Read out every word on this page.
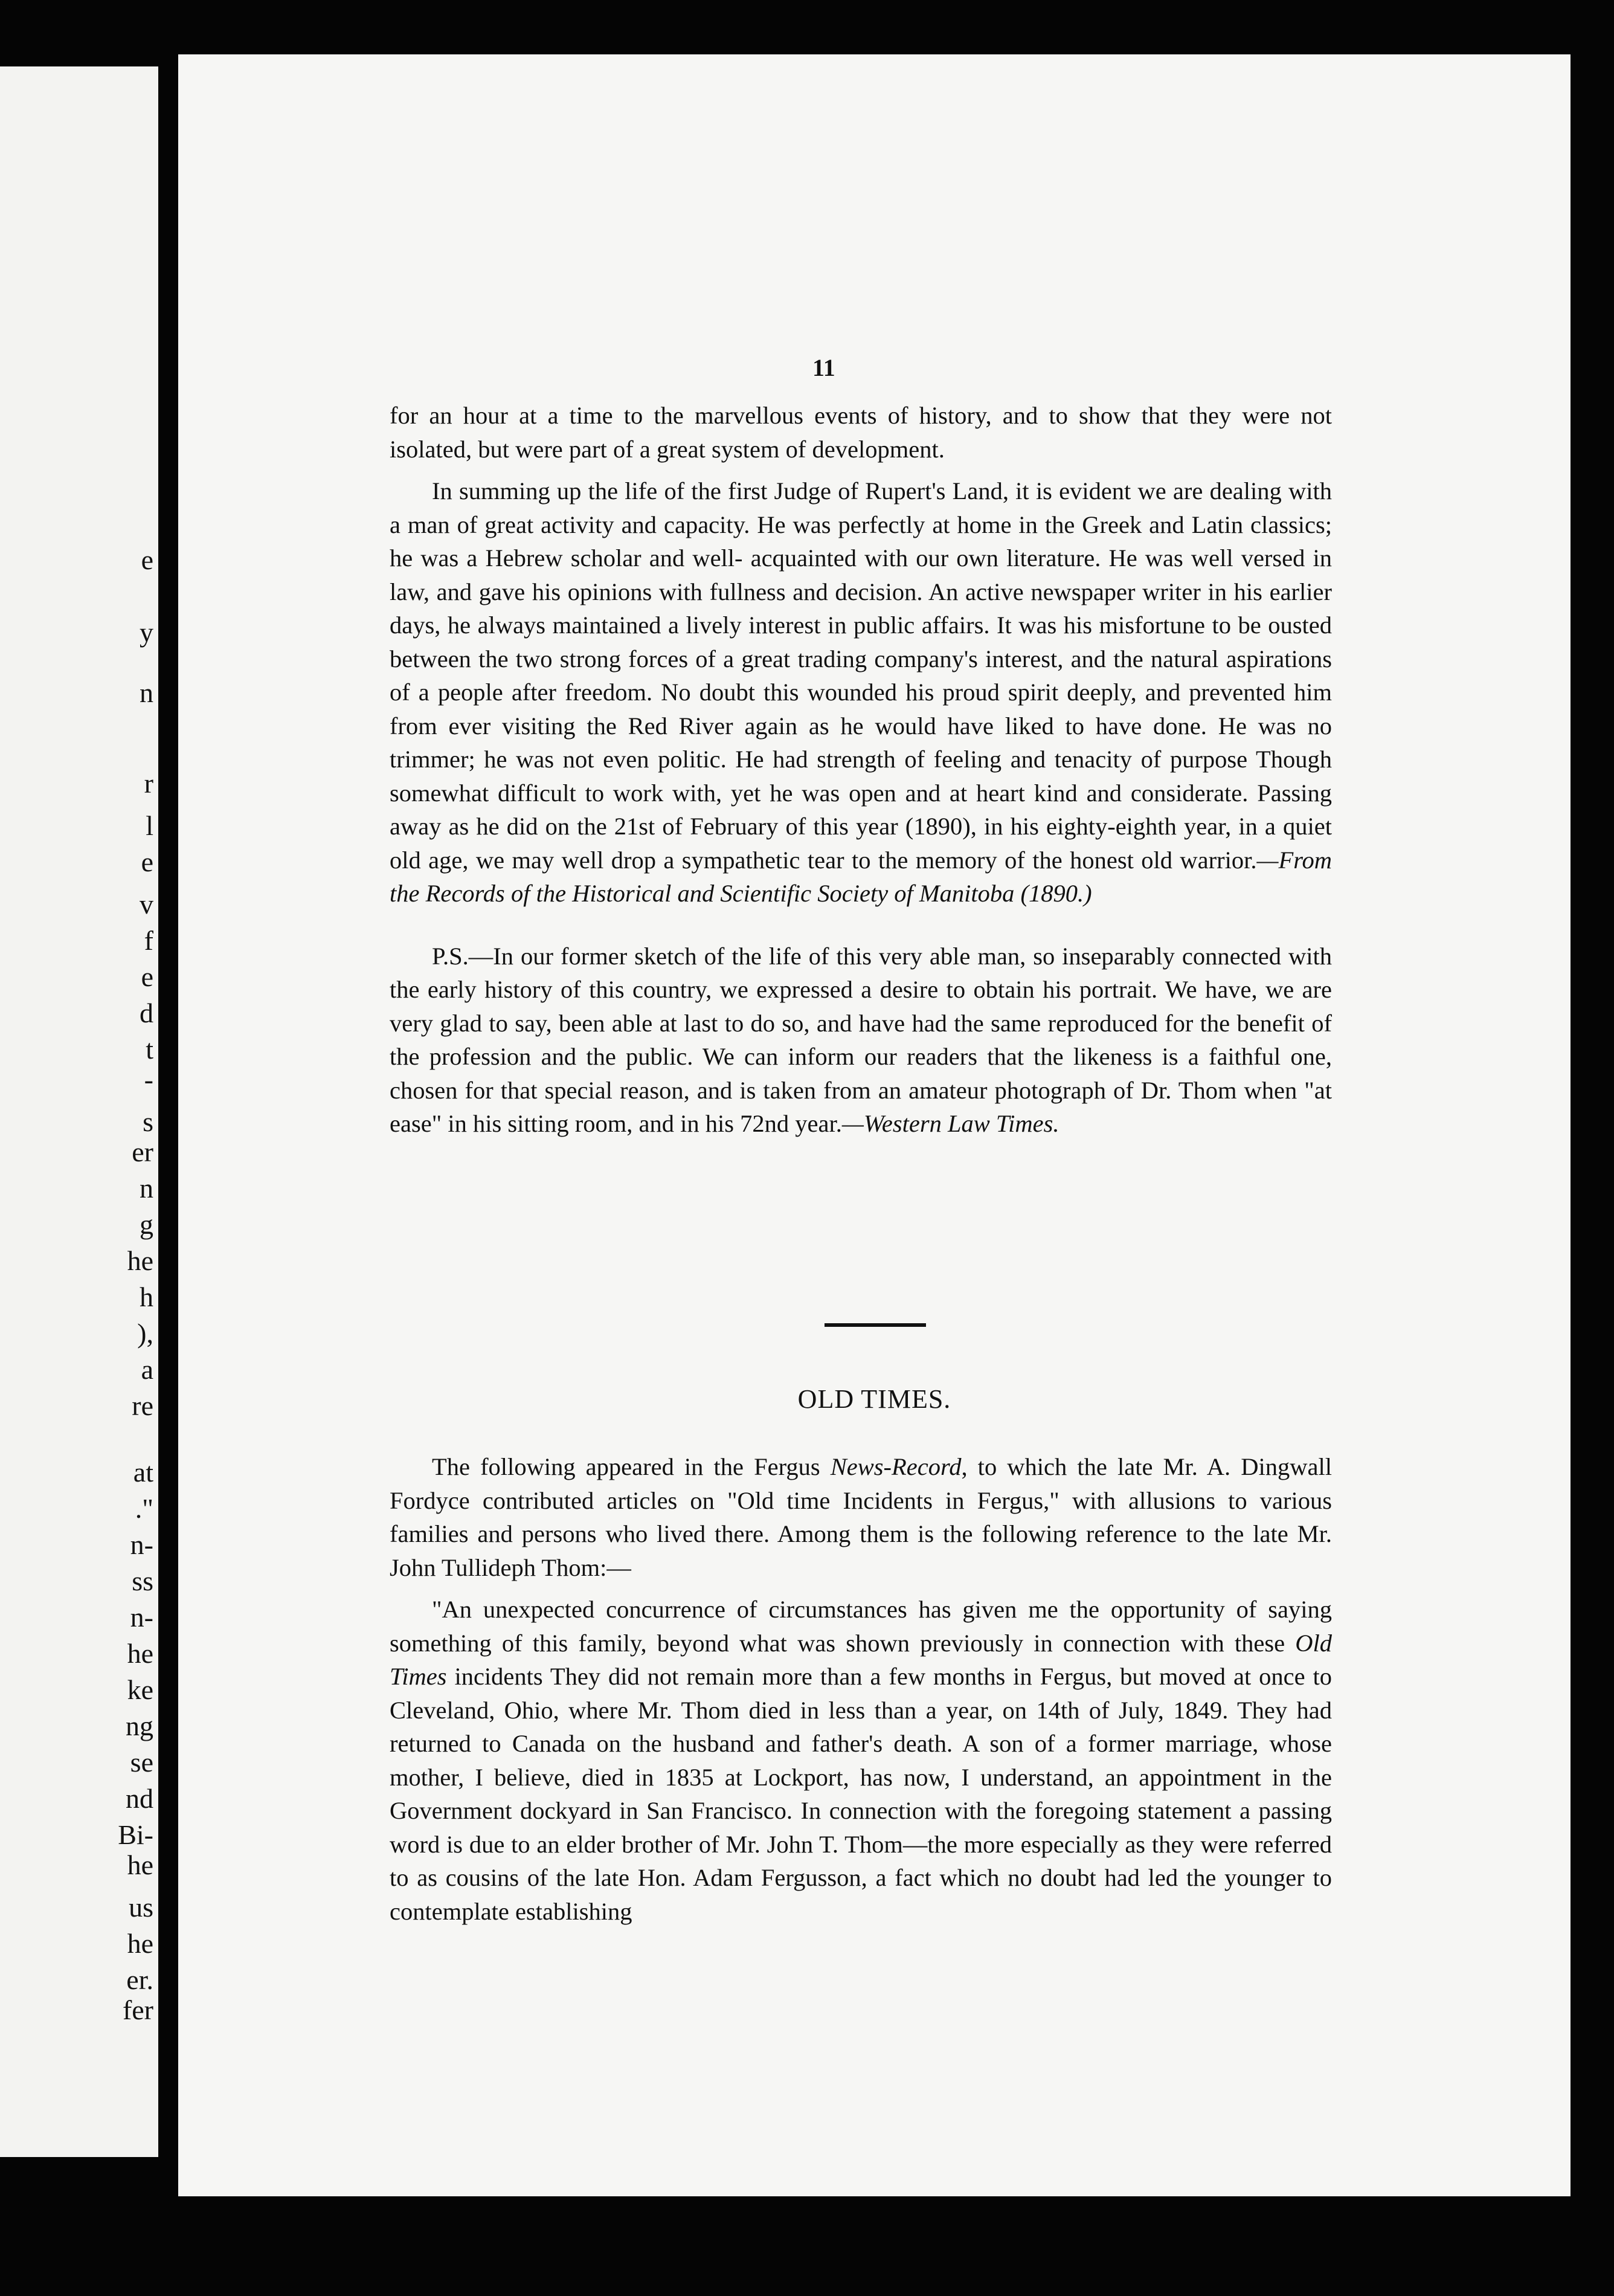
e
y
n
r
l
e
v
f
e
d
t
-
s
er
n
g
he
h
),
a
re
at
."
n-
ss
n-
he
ke
ng
se
nd
Bi-
he
us
he
er.
fer
11

for an hour at a time to the marvellous events of history, and to show that they were not isolated, but were part of a great system of development.

In summing up the life of the first Judge of Rupert's Land, it is evident we are dealing with a man of great activity and capacity. He was perfectly at home in the Greek and Latin classics; he was a Hebrew scholar and well- acquainted with our own literature. He was well versed in law, and gave his opinions with fullness and decision. An active newspaper writer in his earlier days, he always maintained a lively interest in public affairs. It was his misfortune to be ousted between the two strong forces of a great trading company's interest, and the natural aspirations of a people after freedom. No doubt this wounded his proud spirit deeply, and prevented him from ever visiting the Red River again as he would have liked to have done. He was no trimmer; he was not even politic. He had strength of feeling and tenacity of purpose Though somewhat difficult to work with, yet he was open and at heart kind and considerate. Passing away as he did on the 21st of February of this year (1890), in his eighty-eighth year, in a quiet old age, we may well drop a sympathetic tear to the memory of the honest old warrior.—From the Records of the Historical and Scientific Society of Manitoba (1890.)

P.S.—In our former sketch of the life of this very able man, so inseparably connected with the early history of this country, we expressed a desire to obtain his portrait. We have, we are very glad to say, been able at last to do so, and have had the same reproduced for the benefit of the profession and the public. We can inform our readers that the likeness is a faithful one, chosen for that special reason, and is taken from an amateur photograph of Dr. Thom when "at ease" in his sitting room, and in his 72nd year.—Western Law Times.

OLD TIMES.

The following appeared in the Fergus News-Record, to which the late Mr. A. Dingwall Fordyce contributed articles on "Old time Incidents in Fergus," with allusions to various families and persons who lived there. Among them is the following reference to the late Mr. John Tullideph Thom:—

"An unexpected concurrence of circumstances has given me the opportunity of saying something of this family, beyond what was shown previously in connection with these Old Times incidents They did not remain more than a few months in Fergus, but moved at once to Cleveland, Ohio, where Mr. Thom died in less than a year, on 14th of July, 1849. They had returned to Canada on the husband and father's death. A son of a former marriage, whose mother, I believe, died in 1835 at Lockport, has now, I understand, an appointment in the Government dockyard in San Francisco. In connection with the foregoing statement a passing word is due to an elder brother of Mr. John T. Thom—the more especially as they were referred to as cousins of the late Hon. Adam Fergusson, a fact which no doubt had led the younger to contemplate establishing
